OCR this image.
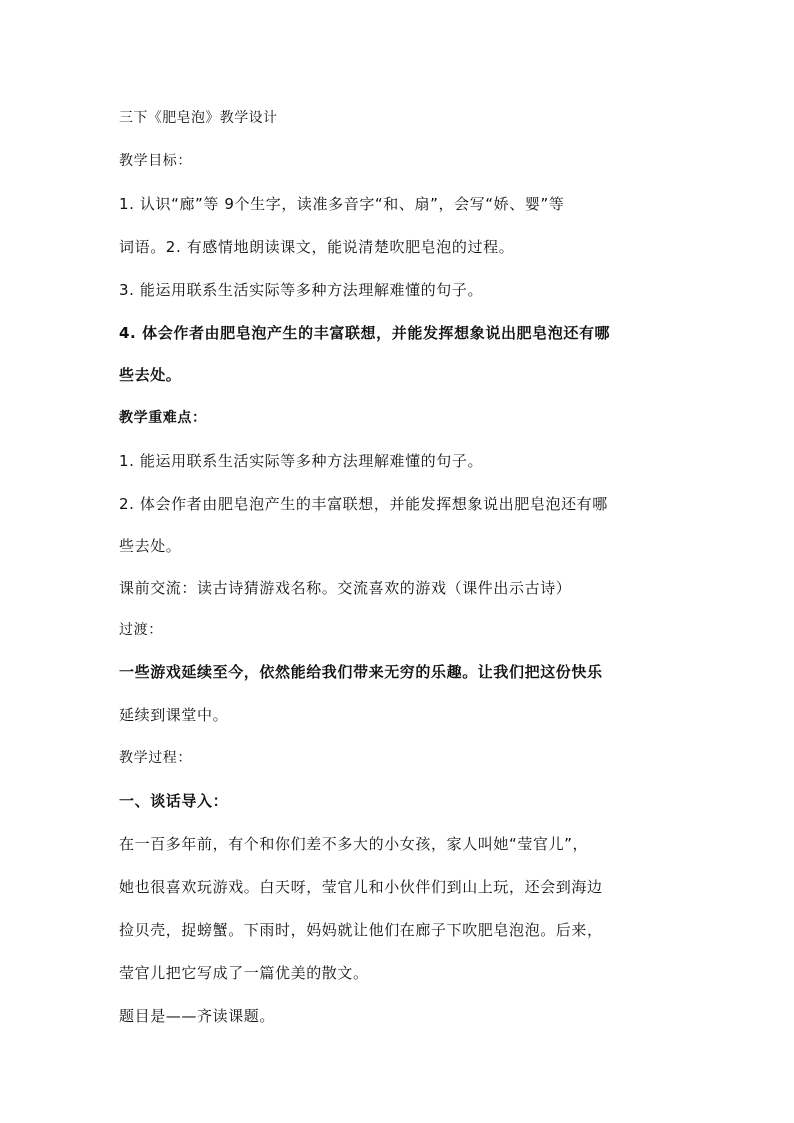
三下《肥皂泡》教学设计
教学目标：
1. 认识“廊”等 9个生字，读准多音字“和、扇”，会写“娇、婴”等
词语。2. 有感情地朗读课文，能说清楚吹肥皂泡的过程。
3. 能运用联系生活实际等多种方法理解难懂的句子。
4. 体会作者由肥皂泡产生的丰富联想，并能发挥想象说出肥皂泡还有哪
些去处。
教学重难点：
1. 能运用联系生活实际等多种方法理解难懂的句子。
2. 体会作者由肥皂泡产生的丰富联想，并能发挥想象说出肥皂泡还有哪
些去处。
课前交流：读古诗猜游戏名称。交流喜欢的游戏（课件出示古诗）
过渡：
一些游戏延续至今，依然能给我们带来无穷的乐趣。让我们把这份快乐
延续到课堂中。
教学过程：
一、谈话导入：
在一百多年前，有个和你们差不多大的小女孩，家人叫她“莹官儿”，
她也很喜欢玩游戏。白天呀，莹官儿和小伙伴们到山上玩，还会到海边
捡贝壳，捉螃蟹。下雨时，妈妈就让他们在廊子下吹肥皂泡泡。后来，
莹官儿把它写成了一篇优美的散文。
题目是——齐读课题。
